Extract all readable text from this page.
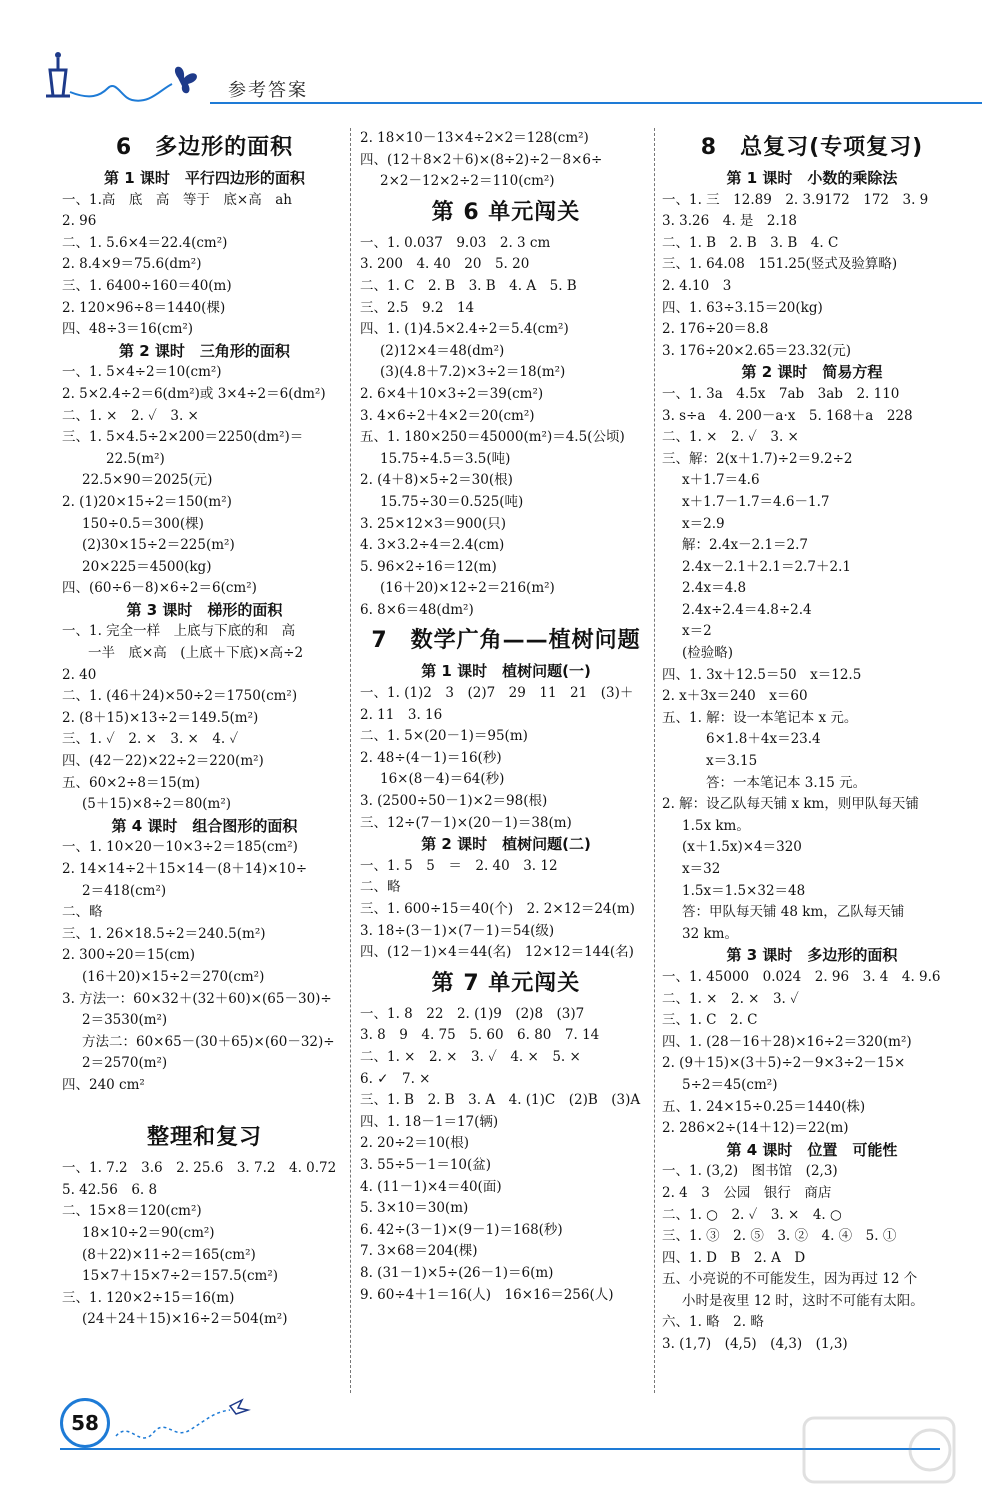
参考答案
6　多边形的面积
第 1 课时　平行四边形的面积
一、1.高　底　高　等于　底×高　ah
2. 96
二、1. 5.6×4＝22.4(cm²)
2. 8.4×9＝75.6(dm²)
三、1. 6400÷160＝40(m)
2. 120×96÷8＝1440(棵)
四、48÷3＝16(cm²)
第 2 课时　三角形的面积
一、1. 5×4÷2＝10(cm²)
2. 5×2.4÷2＝6(dm²)或 3×4÷2＝6(dm²)
二、1. ×　2. ✓　3. ×
三、1. 5×4.5÷2×200＝2250(dm²)＝
22.5(m²)
22.5×90＝2025(元)
2. (1)20×15÷2＝150(m²)
150÷0.5＝300(棵)
(2)30×15÷2＝225(m²)
20×225＝4500(kg)
四、(60÷6－8)×6÷2＝6(cm²)
第 3 课时　梯形的面积
一、1. 完全一样　上底与下底的和　高
一半　底×高　(上底＋下底)×高÷2
2. 40
二、1. (46＋24)×50÷2＝1750(cm²)
2. (8＋15)×13÷2＝149.5(m²)
三、1. ✓　2. ×　3. ×　4. ✓
四、(42－22)×22÷2＝220(m²)
五、60×2÷8＝15(m)
(5＋15)×8÷2＝80(m²)
第 4 课时　组合图形的面积
一、1. 10×20－10×3÷2＝185(cm²)
2. 14×14÷2＋15×14－(8＋14)×10÷
2＝418(cm²)
二、略
三、1. 26×18.5÷2＝240.5(m²)
2. 300÷20＝15(cm)
(16＋20)×15÷2＝270(cm²)
3. 方法一：60×32＋(32＋60)×(65－30)÷
2＝3530(m²)
方法二：60×65－(30＋65)×(60－32)÷
2＝2570(m²)
四、240 cm²
整理和复习
一、1. 7.2　3.6　2. 25.6　3. 7.2　4. 0.72
5. 42.56　6. 8
二、15×8＝120(cm²)
18×10÷2＝90(cm²)
(8＋22)×11÷2＝165(cm²)
15×7＋15×7÷2＝157.5(cm²)
三、1. 120×2÷15＝16(m)
(24＋24＋15)×16÷2＝504(m²)
2. 18×10－13×4÷2×2＝128(cm²)
四、(12＋8×2＋6)×(8÷2)÷2－8×6÷
2×2－12×2÷2＝110(cm²)
第 6 单元闯关
一、1. 0.037　9.03　2. 3 cm
3. 200　4. 40　20　5. 20
二、1. C　2. B　3. B　4. A　5. B
三、2.5　9.2　14
四、1. (1)4.5×2.4÷2＝5.4(cm²)
(2)12×4＝48(dm²)
(3)(4.8＋7.2)×3÷2＝18(m²)
2. 6×4＋10×3÷2＝39(cm²)
3. 4×6÷2＋4×2＝20(cm²)
五、1. 180×250＝45000(m²)＝4.5(公顷)
15.75÷4.5＝3.5(吨)
2. (4＋8)×5÷2＝30(根)
15.75÷30＝0.525(吨)
3. 25×12×3＝900(只)
4. 3×3.2÷4＝2.4(cm)
5. 96×2÷16＝12(m)
(16＋20)×12÷2＝216(m²)
6. 8×6＝48(dm²)
7　数学广角——植树问题
第 1 课时　植树问题(一)
一、1. (1)2　3　(2)7　29　11　21　(3)＋
2. 11　3. 16
二、1. 5×(20－1)＝95(m)
2. 48÷(4－1)＝16(秒)
16×(8－4)＝64(秒)
3. (2500÷50－1)×2＝98(根)
三、12÷(7－1)×(20－1)＝38(m)
第 2 课时　植树问题(二)
一、1. 5　5　＝　2. 40　3. 12
二、略
三、1. 600÷15＝40(个)　2. 2×12＝24(m)
3. 18÷(3－1)×(7－1)＝54(级)
四、(12－1)×4＝44(名)　12×12＝144(名)
第 7 单元闯关
一、1. 8　22　2. (1)9　(2)8　(3)7
3. 8　9　4. 75　5. 60　6. 80　7. 14
二、1. ×　2. ×　3. ✓　4. ×　5. ×
6. ✓　7. ×
三、1. B　2. B　3. A　4. (1)C　(2)B　(3)A
四、1. 18－1＝17(辆)
2. 20÷2＝10(根)
3. 55÷5－1＝10(盆)
4. (11－1)×4＝40(面)
5. 3×10＝30(m)
6. 42÷(3－1)×(9－1)＝168(秒)
7. 3×68＝204(棵)
8. (31－1)×5÷(26－1)＝6(m)
9. 60÷4＋1＝16(人)　16×16＝256(人)
8　总复习(专项复习)
第 1 课时　小数的乘除法
一、1. 三　12.89　2. 3.9172　172　3. 9
3. 3.26　4. 是　2.18
二、1. B　2. B　3. B　4. C
三、1. 64.08　151.25(竖式及验算略)
2. 4.10　3
四、1. 63÷3.15＝20(kg)
2. 176÷20＝8.8
3. 176÷20×2.65＝23.32(元)
第 2 课时　简易方程
一、1. 3a　4.5x　7ab　3ab　2. 110
3. s÷a　4. 200－a·x　5. 168＋a　228
二、1. ×　2. ✓　3. ×
三、解：2(x＋1.7)÷2＝9.2÷2
x＋1.7＝4.6
x＋1.7－1.7＝4.6－1.7
x＝2.9
解：2.4x－2.1＝2.7
2.4x－2.1＋2.1＝2.7＋2.1
2.4x＝4.8
2.4x÷2.4＝4.8÷2.4
x＝2
(检验略)
四、1. 3x＋12.5＝50　x＝12.5
2. x＋3x＝240　x＝60
五、1. 解：设一本笔记本 x 元。
6×1.8＋4x＝23.4
x＝3.15
答：一本笔记本 3.15 元。
2. 解：设乙队每天铺 x km，则甲队每天铺
1.5x km。
(x＋1.5x)×4＝320
x＝32
1.5x＝1.5×32＝48
答：甲队每天铺 48 km，乙队每天铺
32 km。
第 3 课时　多边形的面积
一、1. 45000　0.024　2. 96　3. 4　4. 9.6
二、1. ×　2. ×　3. ✓
三、1. C　2. C
四、1. (28－16＋28)×16÷2＝320(m²)
2. (9＋15)×(3＋5)÷2－9×3÷2－15×
5÷2＝45(cm²)
五、1. 24×15÷0.25＝1440(株)
2. 286×2÷(14＋12)＝22(m)
第 4 课时　位置　可能性
一、1. (3,2)　图书馆　(2,3)
2. 4　3　公园　银行　商店
二、1. ○　2. ✓　3. ×　4. ○
三、1. ③　2. ⑤　3. ②　4. ④　5. ①
四、1. D　B　2. A　D
五、小亮说的不可能发生，因为再过 12 个
小时是夜里 12 时，这时不可能有太阳。
六、1. 略　2. 略
3. (1,7)　(4,5)　(4,3)　(1,3)
58
